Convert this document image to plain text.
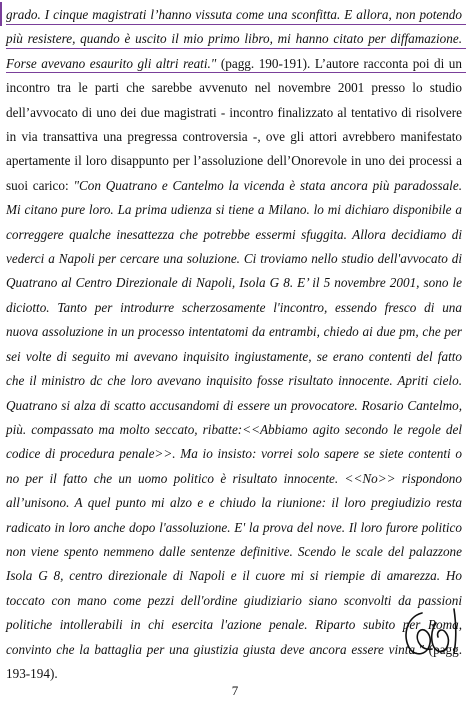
grado. I cinque magistrati l’hanno vissuta come una sconfitta. E allora, non potendo
più resistere, quando è uscito il mio primo libro, mi hanno citato per diffamazione.
Forse avevano esaurito gli altri reati." (pagg. 190-191). L’autore racconta poi di un
incontro tra le parti che sarebbe avvenuto nel novembre 2001 presso lo studio
dell’avvocato di uno dei due magistrati - incontro finalizzato al tentativo di risolvere
in via transattiva una pregressa controversia -, ove gli attori avrebbero manifestato
apertamente il loro disappunto per l’assoluzione dell’Onorevole in uno dei processi a
suoi carico: "Con Quatrano e Cantelmo la vicenda è stata ancora più paradossale.
Mi citano pure loro. La prima udienza si tiene a Milano. lo mi dichiaro disponibile a
correggere qualche inesattezza che potrebbe essermi sfuggita. Allora decidiamo di
vederci a Napoli per cercare una soluzione. Ci troviamo nello studio dell'avvocato di
Quatrano al Centro Direzionale di Napoli, Isola G 8. E’ il 5 novembre 2001, sono le
diciotto. Tanto per introdurre scherzosamente l'incontro, essendo fresco di una
nuova assoluzione in un processo intentatomi da entrambi, chiedo ai due pm, che per
sei volte di seguito mi avevano inquisito ingiustamente, se erano contenti del fatto
che il ministro dc che loro avevano inquisito fosse risultato innocente. Apriti cielo.
Quatrano si alza di scatto accusandomi di essere un provocatore. Rosario Cantelmo,
più. compassato ma molto seccato, ribatte:<<Abbiamo agito secondo le regole del
codice di procedura penale>>. Ma io insisto: vorrei solo sapere se siete contenti o
no per il fatto che un uomo politico è risultato innocente. <<No>> rispondono
all’unisono. A quel punto mi alzo e e chiudo la riunione: il loro pregiudizio resta
radicato in loro anche dopo l'assoluzione. E' la prova del nove. Il loro furore politico
non viene spento nemmeno dalle sentenze definitive. Scendo le scale del palazzone
Isola G 8, centro direzionale di Napoli e il cuore mi si riempie di amarezza. Ho
toccato con mano come pezzi dell'ordine giudiziario siano sconvolti da passioni
politiche intollerabili in chi esercita l'azione penale. Riparto subito per Roma,
convinto che la battaglia per una giustizia giusta deve ancora essere vinta." (pagg.
193-194).
7
